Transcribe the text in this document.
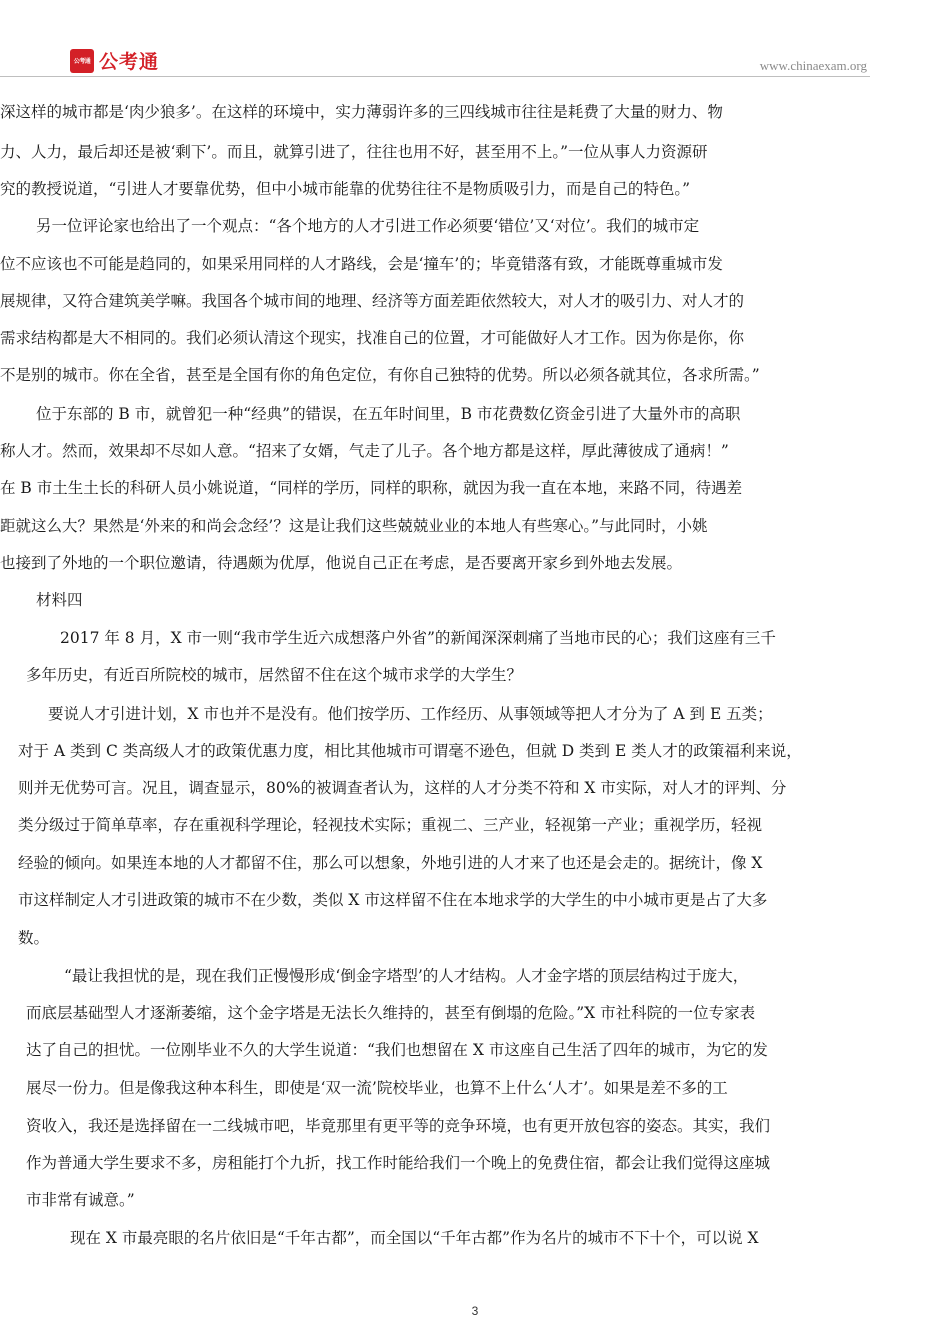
公考通 公考通	www.chinaexam.org
深这样的城市都是‘肉少狼多’。在这样的环境中，实力薄弱许多的三四线城市往往是耗费了大量的财力、物
力、人力，最后却还是被‘剩下’。而且，就算引进了，往往也用不好，甚至用不上。”一位从事人力资源研
究的教授说道，“引进人才要靠优势，但中小城市能靠的优势往往不是物质吸引力，而是自己的特色。”
另一位评论家也给出了一个观点：“各个地方的人才引进工作必须要‘错位’又‘对位’。我们的城市定
位不应该也不可能是趋同的，如果采用同样的人才路线，会是‘撞车’的；毕竟错落有致，才能既尊重城市发
展规律，又符合建筑美学嘛。我国各个城市间的地理、经济等方面差距依然较大，对人才的吸引力、对人才的
需求结构都是大不相同的。我们必须认清这个现实，找准自己的位置，才可能做好人才工作。因为你是你，你
不是别的城市。你在全省，甚至是全国有你的角色定位，有你自己独特的优势。所以必须各就其位，各求所需。”
位于东部的 B 市，就曾犯一种“经典”的错误，在五年时间里，B 市花费数亿资金引进了大量外市的高职
称人才。然而，效果却不尽如人意。“招来了女婿，气走了儿子。各个地方都是这样，厚此薄彼成了通病！”
在 B 市土生土长的科研人员小姚说道，“同样的学历，同样的职称，就因为我一直在本地，来路不同，待遇差
距就这么大？果然是‘外来的和尚会念经’？这是让我们这些兢兢业业的本地人有些寒心。”与此同时，小姚
也接到了外地的一个职位邀请，待遇颇为优厚，他说自己正在考虑，是否要离开家乡到外地去发展。
材料四
2017 年 8 月，X 市一则“我市学生近六成想落户外省”的新闻深深刺痛了当地市民的心；我们这座有三千
多年历史，有近百所院校的城市，居然留不住在这个城市求学的大学生？
要说人才引进计划，X 市也并不是没有。他们按学历、工作经历、从事领域等把人才分为了 A 到 E 五类；
对于 A 类到 C 类高级人才的政策优惠力度，相比其他城市可谓毫不逊色，但就 D 类到 E 类人才的政策福利来说，
则并无优势可言。况且，调查显示，80%的被调查者认为，这样的人才分类不符和 X 市实际，对人才的评判、分
类分级过于简单草率，存在重视科学理论，轻视技术实际；重视二、三产业，轻视第一产业；重视学历，轻视
经验的倾向。如果连本地的人才都留不住，那么可以想象，外地引进的人才来了也还是会走的。据统计，像 X
市这样制定人才引进政策的城市不在少数，类似 X 市这样留不住在本地求学的大学生的中小城市更是占了大多
数。
“最让我担忧的是，现在我们正慢慢形成‘倒金字塔型’的人才结构。人才金字塔的顶层结构过于庞大，
而底层基础型人才逐渐萎缩，这个金字塔是无法长久维持的，甚至有倒塌的危险。”X 市社科院的一位专家表
达了自己的担忧。一位刚毕业不久的大学生说道：“我们也想留在 X 市这座自己生活了四年的城市，为它的发
展尽一份力。但是像我这种本科生，即使是‘双一流’院校毕业，也算不上什么‘人才’。如果是差不多的工
资收入，我还是选择留在一二线城市吧，毕竟那里有更平等的竞争环境，也有更开放包容的姿态。其实，我们
作为普通大学生要求不多，房租能打个九折，找工作时能给我们一个晚上的免费住宿，都会让我们觉得这座城
市非常有诚意。”
现在 X 市最亮眼的名片依旧是“千年古都”，而全国以“千年古都”作为名片的城市不下十个，可以说 X
3
